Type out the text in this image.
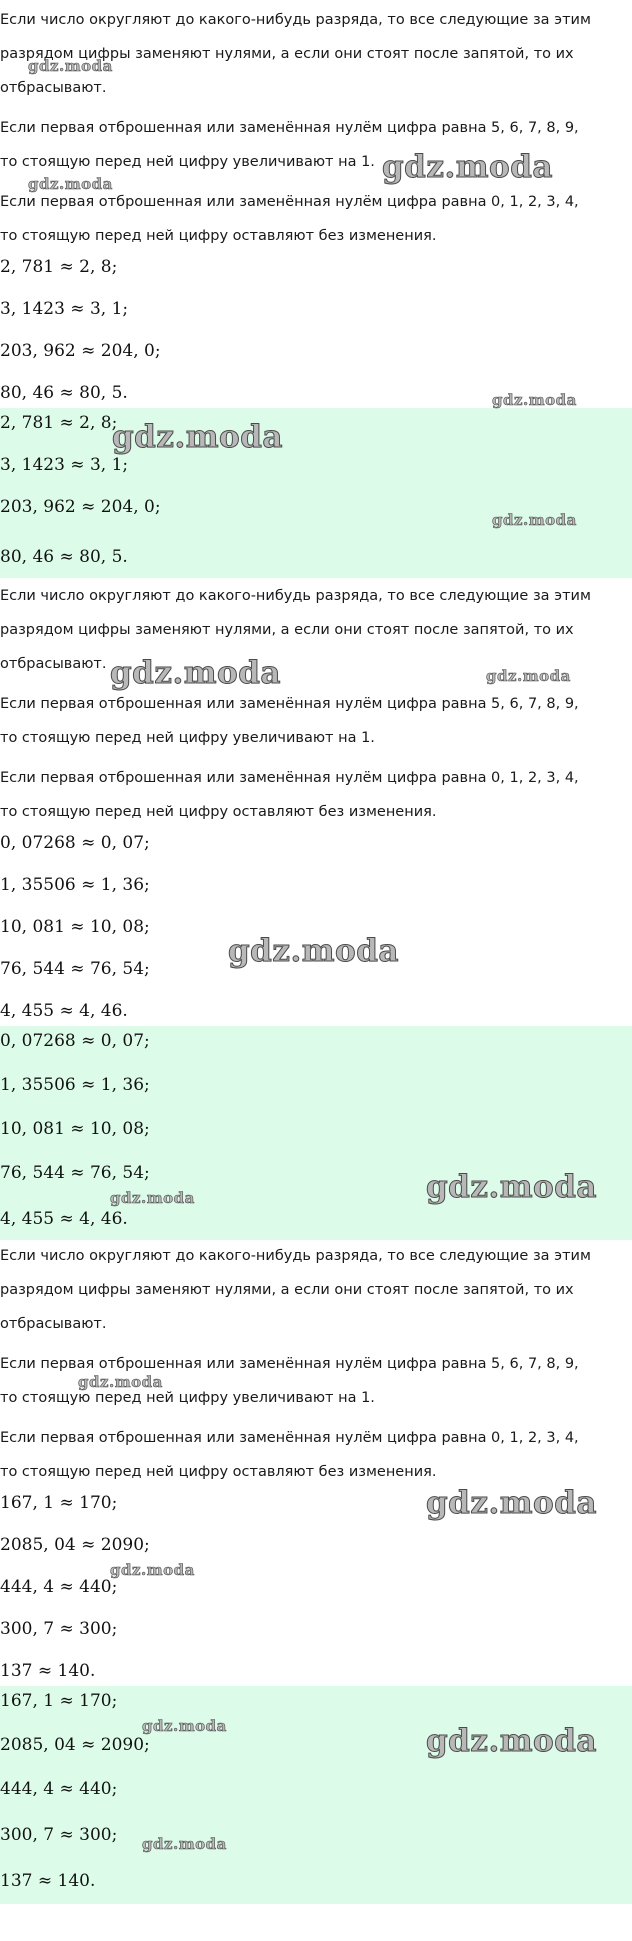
Если число округляют до какого-нибудь разряда, то все следующие за этим
разрядом цифры заменяют нулями, а если они стоят после запятой, то их
отбрасывают.
Если первая отброшенная или заменённая нулём цифра равна 5, 6, 7, 8, 9,
то стоящую перед ней цифру увеличивают на 1.
Если первая отброшенная или заменённая нулём цифра равна 0, 1, 2, 3, 4,
то стоящую перед ней цифру оставляют без изменения.
2, 781 ≈ 2, 8;
3, 1423 ≈ 3, 1;
203, 962 ≈ 204, 0;
80, 46 ≈ 80, 5.
2, 781 ≈ 2, 8;
3, 1423 ≈ 3, 1;
203, 962 ≈ 204, 0;
80, 46 ≈ 80, 5.
Если число округляют до какого-нибудь разряда, то все следующие за этим
разрядом цифры заменяют нулями, а если они стоят после запятой, то их
отбрасывают.
Если первая отброшенная или заменённая нулём цифра равна 5, 6, 7, 8, 9,
то стоящую перед ней цифру увеличивают на 1.
Если первая отброшенная или заменённая нулём цифра равна 0, 1, 2, 3, 4,
то стоящую перед ней цифру оставляют без изменения.
0, 07268 ≈ 0, 07;
1, 35506 ≈ 1, 36;
10, 081 ≈ 10, 08;
76, 544 ≈ 76, 54;
4, 455 ≈ 4, 46.
0, 07268 ≈ 0, 07;
1, 35506 ≈ 1, 36;
10, 081 ≈ 10, 08;
76, 544 ≈ 76, 54;
4, 455 ≈ 4, 46.
Если число округляют до какого-нибудь разряда, то все следующие за этим
разрядом цифры заменяют нулями, а если они стоят после запятой, то их
отбрасывают.
Если первая отброшенная или заменённая нулём цифра равна 5, 6, 7, 8, 9,
то стоящую перед ней цифру увеличивают на 1.
Если первая отброшенная или заменённая нулём цифра равна 0, 1, 2, 3, 4,
то стоящую перед ней цифру оставляют без изменения.
167, 1 ≈ 170;
2085, 04 ≈ 2090;
444, 4 ≈ 440;
300, 7 ≈ 300;
137 ≈ 140.
167, 1 ≈ 170;
2085, 04 ≈ 2090;
444, 4 ≈ 440;
300, 7 ≈ 300;
137 ≈ 140.
gdz.moda
gdz.moda	gdz.moda
gdz.moda
gdz.moda
gdz.moda
gdz.moda	gdz.moda
gdz.moda
gdz.moda
gdz.moda
gdz.moda
gdz.moda
gdz.moda
gdz.moda	gdz.moda
gdz.moda
